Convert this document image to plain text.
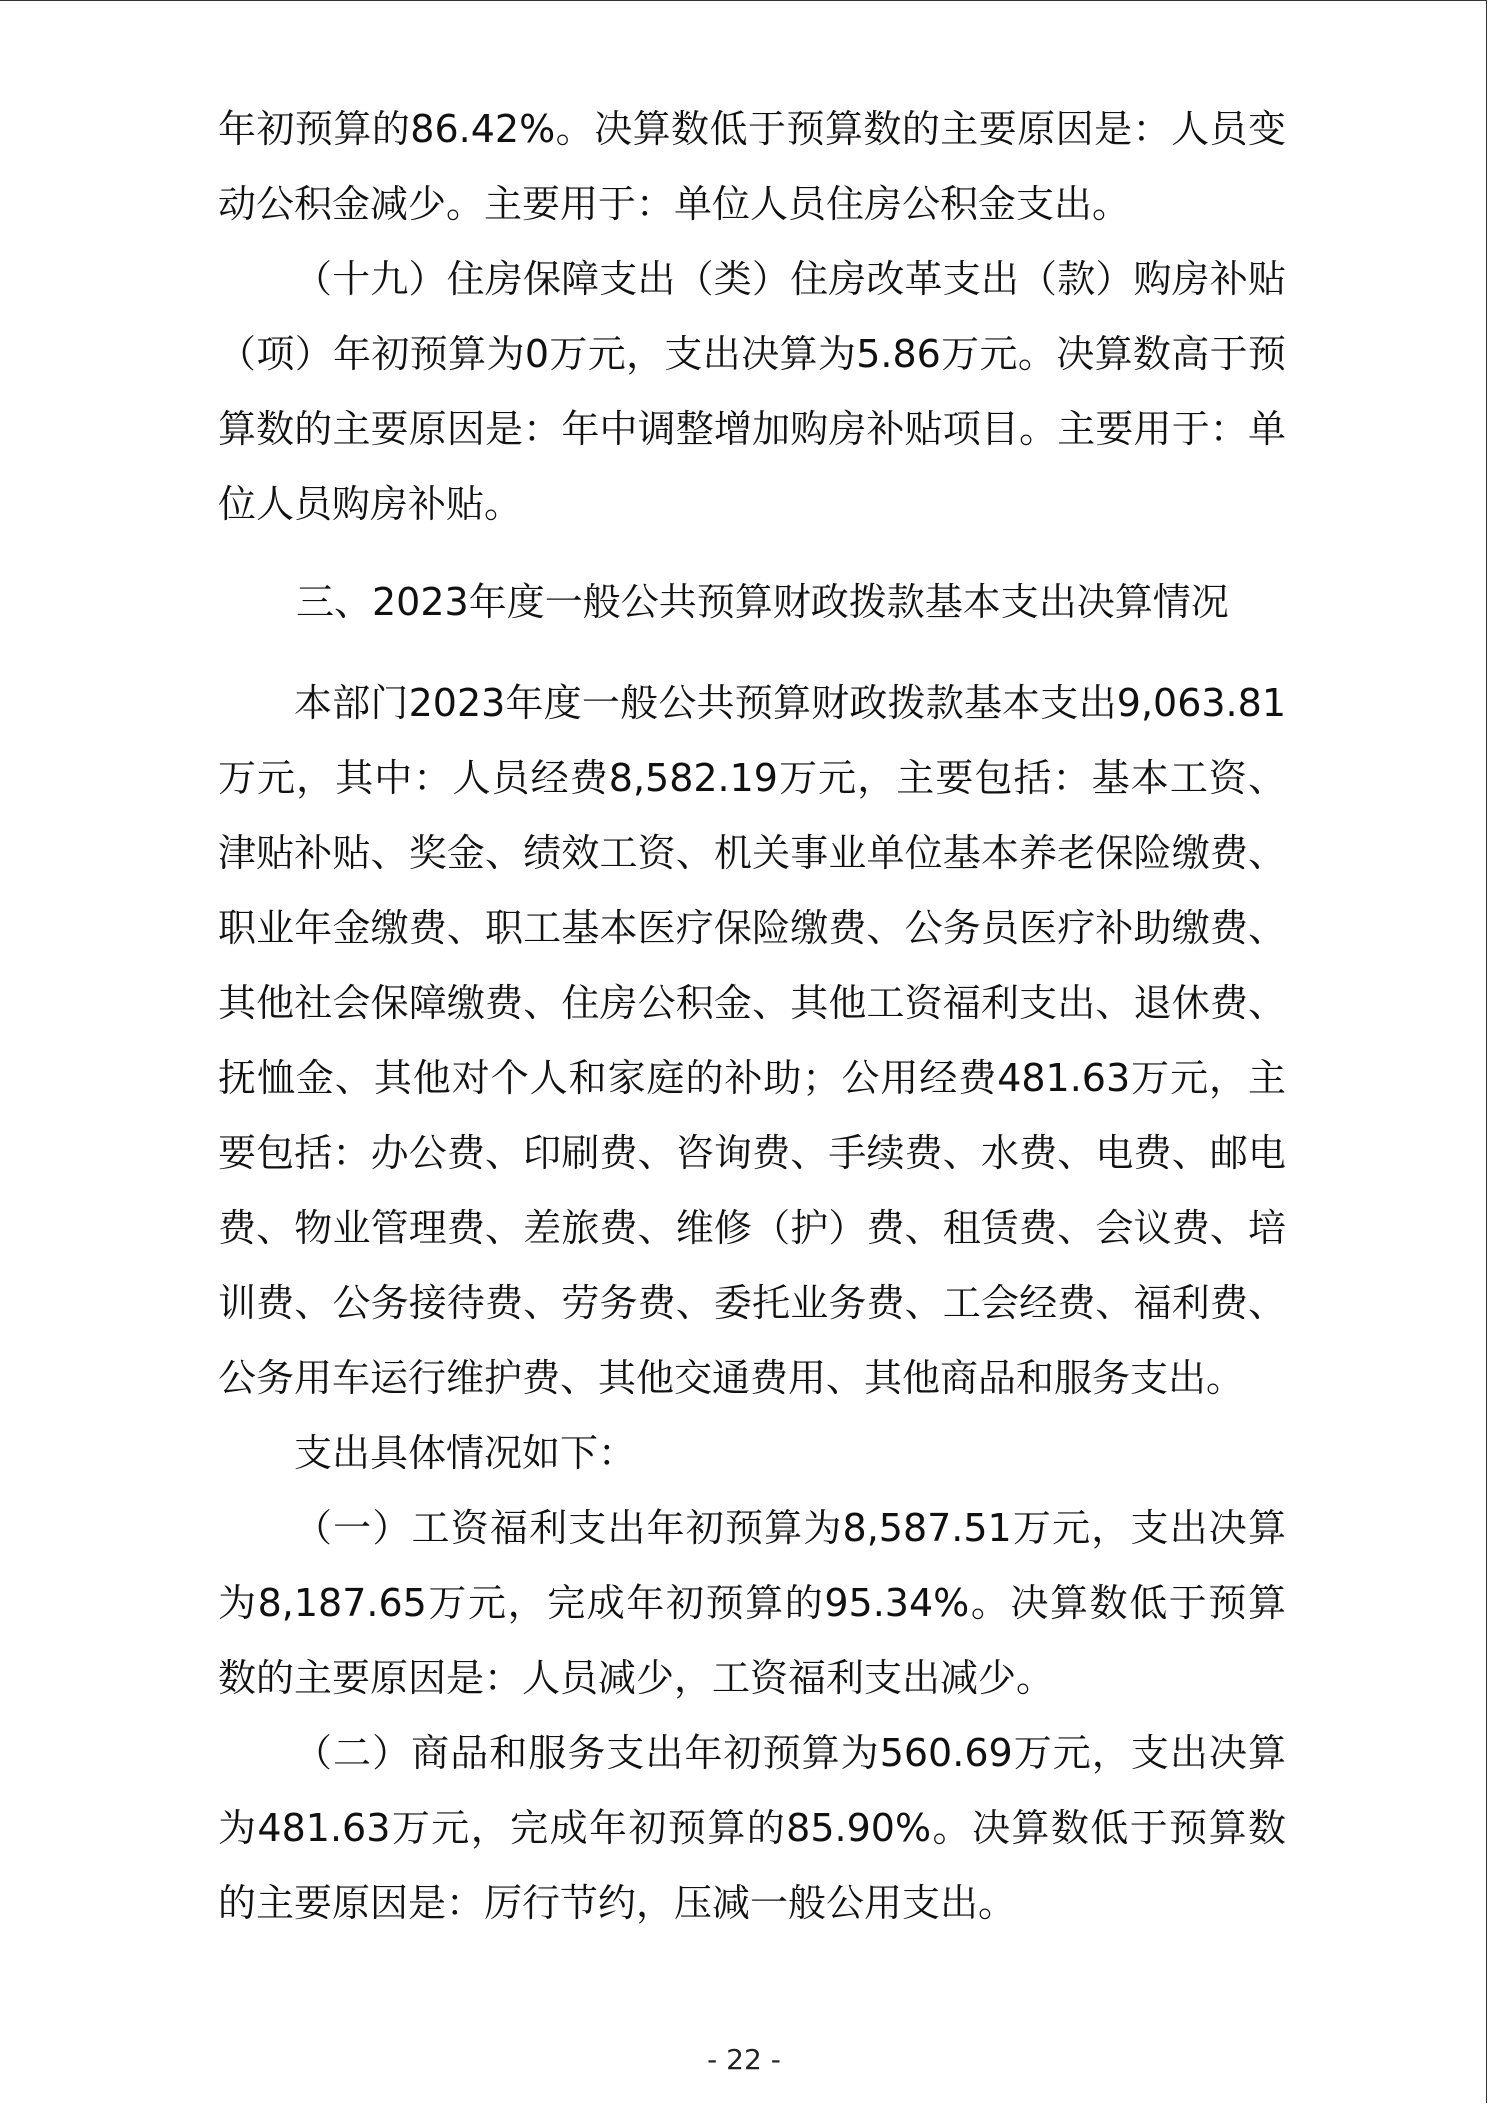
年初预算的86.42%。决算数低于预算数的主要原因是：人员变动公积金减少。主要用于：单位人员住房公积金支出。

（十九）住房保障支出（类）住房改革支出（款）购房补贴（项）年初预算为0万元，支出决算为5.86万元。决算数高于预算数的主要原因是：年中调整增加购房补贴项目。主要用于：单位人员购房补贴。

三、2023年度一般公共预算财政拨款基本支出决算情况

本部门2023年度一般公共预算财政拨款基本支出9,063.81万元，其中：人员经费8,582.19万元，主要包括：基本工资、津贴补贴、奖金、绩效工资、机关事业单位基本养老保险缴费、职业年金缴费、职工基本医疗保险缴费、公务员医疗补助缴费、其他社会保障缴费、住房公积金、其他工资福利支出、退休费、抚恤金、其他对个人和家庭的补助；公用经费481.63万元，主要包括：办公费、印刷费、咨询费、手续费、水费、电费、邮电费、物业管理费、差旅费、维修（护）费、租赁费、会议费、培训费、公务接待费、劳务费、委托业务费、工会经费、福利费、公务用车运行维护费、其他交通费用、其他商品和服务支出。

支出具体情况如下：

（一）工资福利支出年初预算为8,587.51万元，支出决算为8,187.65万元，完成年初预算的95.34%。决算数低于预算数的主要原因是：人员减少，工资福利支出减少。

（二）商品和服务支出年初预算为560.69万元，支出决算为481.63万元，完成年初预算的85.90%。决算数低于预算数的主要原因是：厉行节约，压减一般公用支出。

- 22 -
